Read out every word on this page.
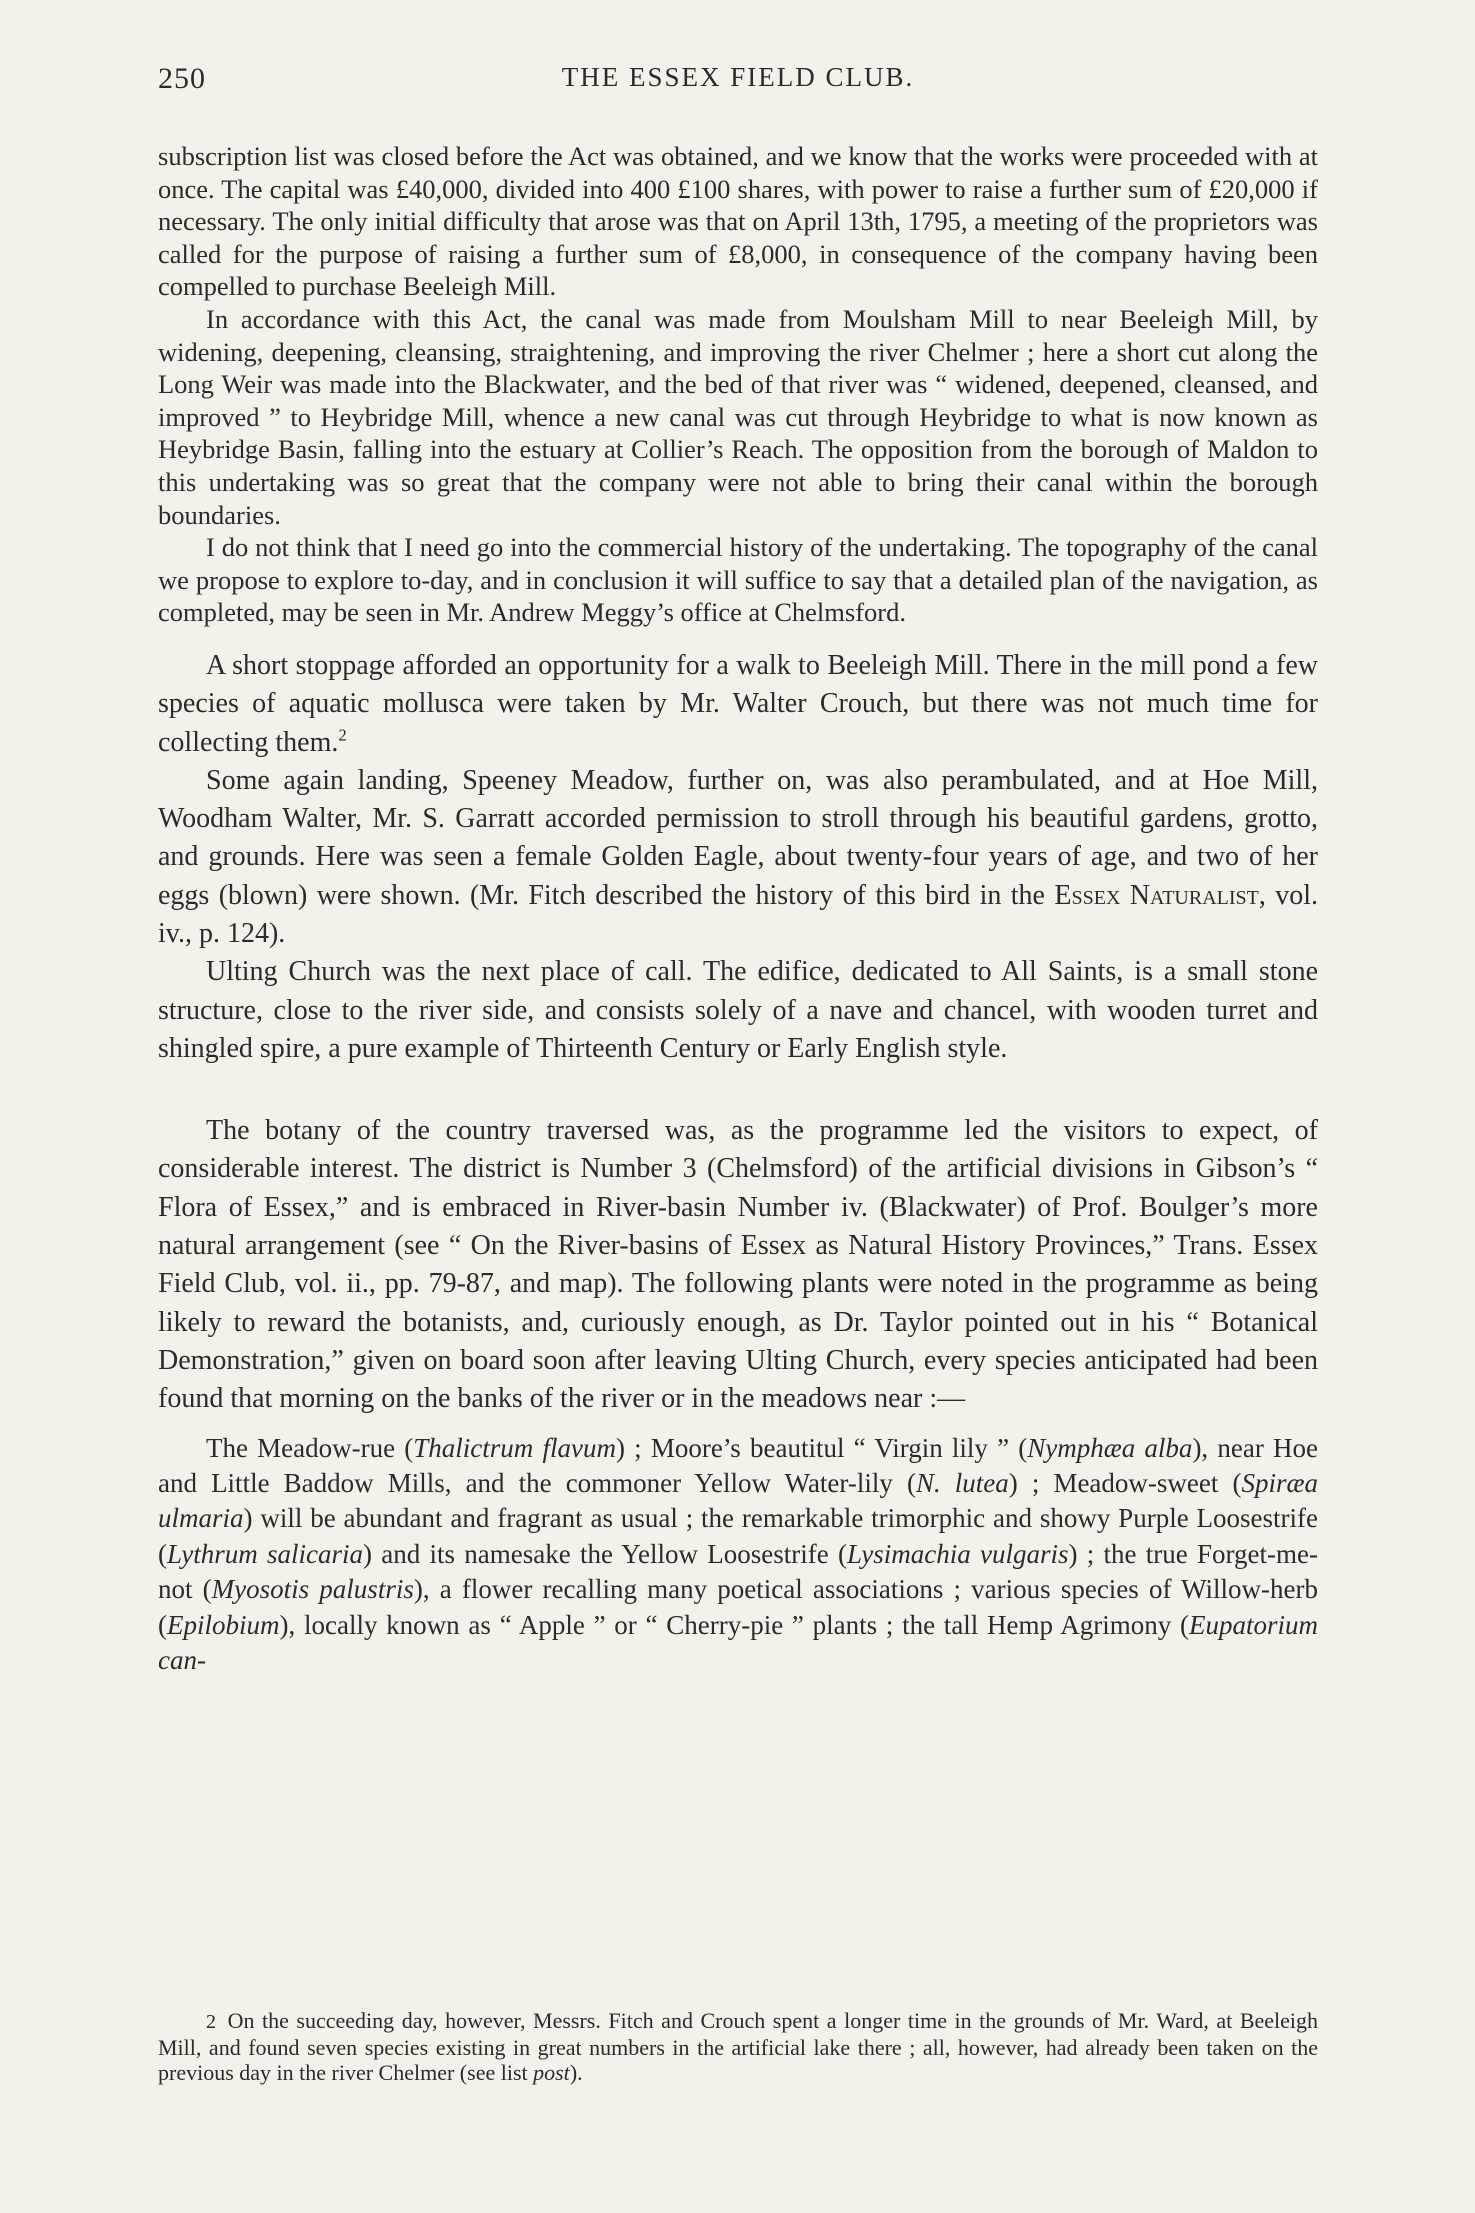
250	THE ESSEX FIELD CLUB.

subscription list was closed before the Act was obtained, and we know that the works were proceeded with at once. The capital was £40,000, divided into 400 £100 shares, with power to raise a further sum of £20,000 if necessary. The only initial difficulty that arose was that on April 13th, 1795, a meeting of the proprietors was called for the purpose of raising a further sum of £8,000, in consequence of the company having been compelled to purchase Beeleigh Mill.

In accordance with this Act, the canal was made from Moulsham Mill to near Beeleigh Mill, by widening, deepening, cleansing, straightening, and improving the river Chelmer ; here a short cut along the Long Weir was made into the Blackwater, and the bed of that river was “ widened, deepened, cleansed, and improved ” to Heybridge Mill, whence a new canal was cut through Heybridge to what is now known as Heybridge Basin, falling into the estuary at Collier’s Reach. The opposition from the borough of Maldon to this undertaking was so great that the company were not able to bring their canal within the borough boundaries.

I do not think that I need go into the commercial history of the undertaking. The topography of the canal we propose to explore to-day, and in conclusion it will suffice to say that a detailed plan of the navigation, as completed, may be seen in Mr. Andrew Meggy’s office at Chelmsford.

A short stoppage afforded an opportunity for a walk to Beeleigh Mill. There in the mill pond a few species of aquatic mollusca were taken by Mr. Walter Crouch, but there was not much time for collecting them.$^2$

Some again landing, Speeney Meadow, further on, was also perambulated, and at Hoe Mill, Woodham Walter, Mr. S. Garratt accorded permission to stroll through his beautiful gardens, grotto, and grounds. Here was seen a female Golden Eagle, about twenty-four years of age, and two of her eggs (blown) were shown. (Mr. Fitch described the history of this bird in the Essex Naturalist, vol. iv., p. 124).

Ulting Church was the next place of call. The edifice, dedicated to All Saints, is a small stone structure, close to the river side, and consists solely of a nave and chancel, with wooden turret and shingled spire, a pure example of Thirteenth Century or Early English style.

The botany of the country traversed was, as the programme led the visitors to expect, of considerable interest. The district is Number 3 (Chelmsford) of the artificial divisions in Gibson’s “ Flora of Essex,” and is embraced in River-basin Number iv. (Blackwater) of Prof. Boulger’s more natural arrangement (see “ On the River-basins of Essex as Natural History Provinces,” Trans. Essex Field Club, vol. ii., pp. 79-87, and map). The following plants were noted in the programme as being likely to reward the botanists, and, curiously enough, as Dr. Taylor pointed out in his “ Botanical Demonstration,” given on board soon after leaving Ulting Church, every species anticipated had been found that morning on the banks of the river or in the meadows near :—

The Meadow-rue (Thalictrum flavum) ; Moore’s beautitul “ Virgin lily ” (Nymphæa alba), near Hoe and Little Baddow Mills, and the commoner Yellow Water-lily (N. lutea) ; Meadow-sweet (Spiræa ulmaria) will be abundant and fragrant as usual ; the remarkable trimorphic and showy Purple Loosestrife (Lythrum salicaria) and its namesake the Yellow Loosestrife (Lysimachia vulgaris) ; the true Forget-me-not (Myosotis palustris), a flower recalling many poetical associations ; various species of Willow-herb (Epilobium), locally known as “ Apple ” or “ Cherry-pie ” plants ; the tall Hemp Agrimony (Eupatorium can-

2 On the succeeding day, however, Messrs. Fitch and Crouch spent a longer time in the grounds of Mr. Ward, at Beeleigh Mill, and found seven species existing in great numbers in the artificial lake there ; all, however, had already been taken on the previous day in the river Chelmer (see list post).
